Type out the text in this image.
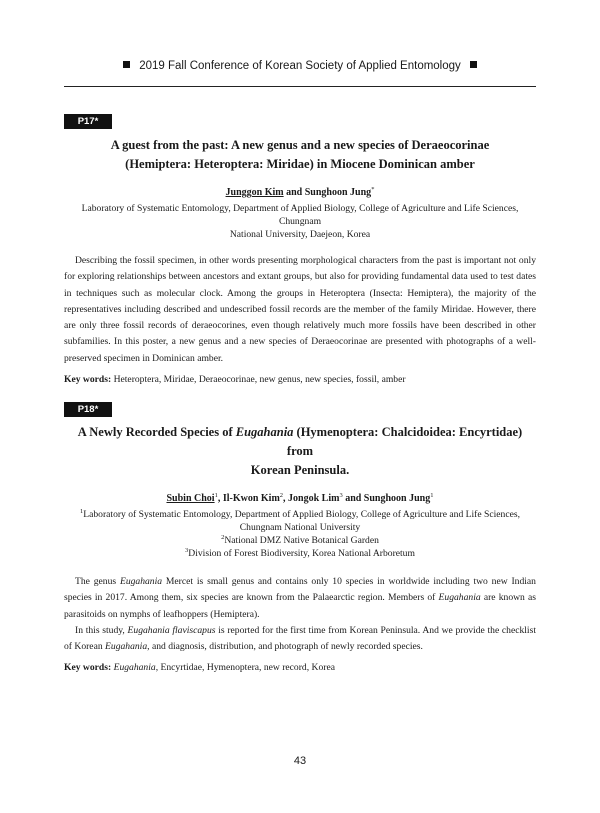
2019 Fall Conference of Korean Society of Applied Entomology
P17*

A guest from the past: A new genus and a new species of Deraeocorinae
(Hemiptera: Heteroptera: Miridae) in Miocene Dominican amber

Junggon Kim and Sunghoon Jung*
Laboratory of Systematic Entomology, Department of Applied Biology, College of Agriculture and Life Sciences, Chungnam
National University, Daejeon, Korea

Describing the fossil specimen, in other words presenting morphological characters from the past is important not only for exploring relationships between ancestors and extant groups, but also for providing fundamental data used to test dates in techniques such as molecular clock. Among the groups in Heteroptera (Insecta: Hemiptera), the majority of the representatives including described and undescribed fossil records are the member of the family Miridae. However, there are only three fossil records of deraeocorines, even though relatively much more fossils have been described in other subfamilies. In this poster, a new genus and a new species of Deraeocorinae are presented with photographs of a well-preserved specimen in Dominican amber.

Key words: Heteroptera, Miridae, Deraeocorinae, new genus, new species, fossil, amber
P18*

A Newly Recorded Species of Eugahania (Hymenoptera: Chalcidoidea: Encyrtidae) from
Korean Peninsula.

Subin Choi$^1$, Il-Kwon Kim$^2$, Jongok Lim$^3$ and Sunghoon Jung$^1$
$^1$Laboratory of Systematic Entomology, Department of Applied Biology, College of Agriculture and Life Sciences,
Chungnam National University
$^2$National DMZ Native Botanical Garden
$^3$Division of Forest Biodiversity, Korea National Arboretum

The genus Eugahania Mercet is small genus and contains only 10 species in worldwide including two new Indian species in 2017. Among them, six species are known from the Palaearctic region. Members of Eugahania are known as parasitoids on nymphs of leafhoppers (Hemiptera).

In this study, Eugahania flaviscapus is reported for the first time from Korean Peninsula. And we provide the checklist of Korean Eugahania, and diagnosis, distribution, and photograph of newly recorded species.

Key words: Eugahania, Encyrtidae, Hymenoptera, new record, Korea
43
